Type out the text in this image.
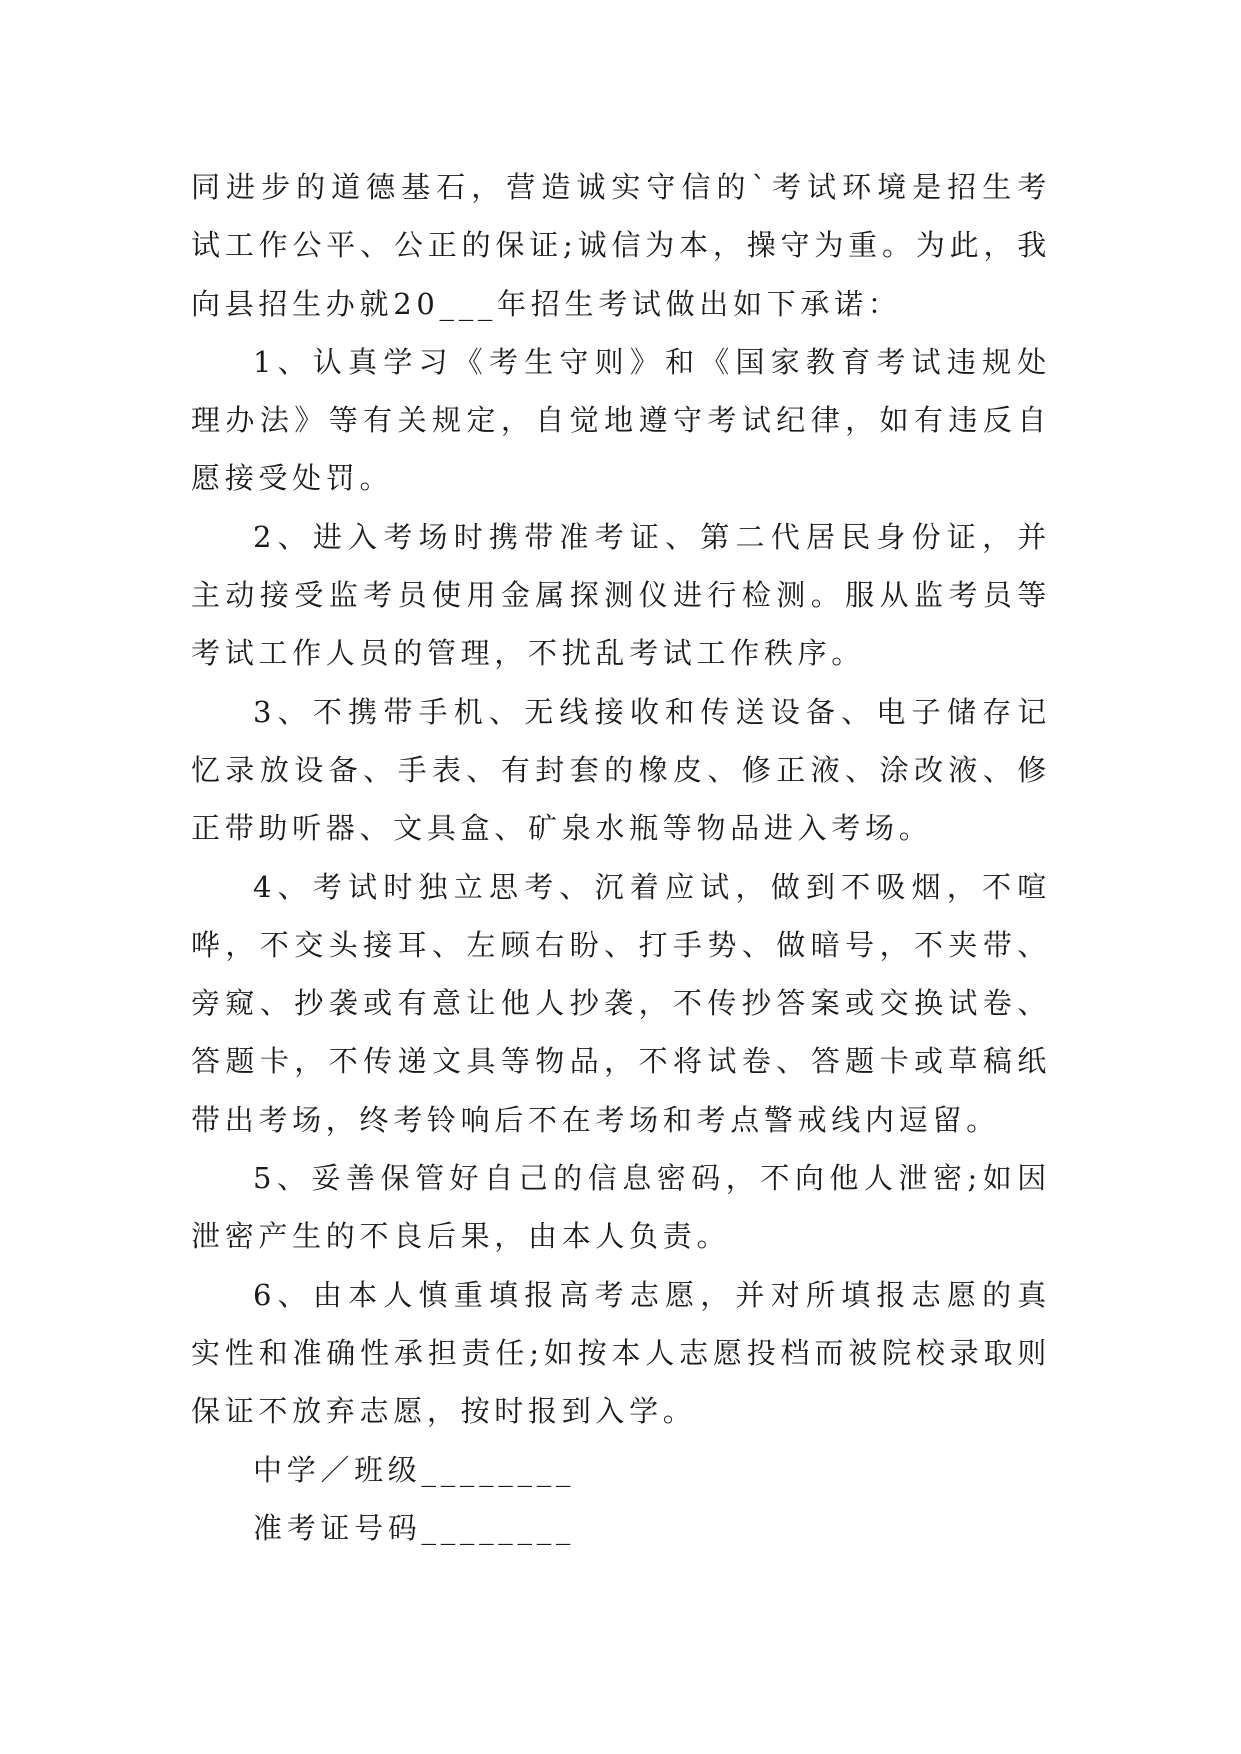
同进步的道德基石，营造诚实守信的`考试环境是招生考试工作公平、公正的保证;诚信为本，操守为重。为此，我向县招生办就20___年招生考试做出如下承诺：

1、认真学习《考生守则》和《国家教育考试违规处理办法》等有关规定，自觉地遵守考试纪律，如有违反自愿接受处罚。

2、进入考场时携带准考证、第二代居民身份证，并主动接受监考员使用金属探测仪进行检测。服从监考员等考试工作人员的管理，不扰乱考试工作秩序。

3、不携带手机、无线接收和传送设备、电子储存记忆录放设备、手表、有封套的橡皮、修正液、涂改液、修正带助听器、文具盒、矿泉水瓶等物品进入考场。

4、考试时独立思考、沉着应试，做到不吸烟，不喧哗，不交头接耳、左顾右盼、打手势、做暗号，不夹带、旁窥、抄袭或有意让他人抄袭，不传抄答案或交换试卷、答题卡，不传递文具等物品，不将试卷、答题卡或草稿纸带出考场，终考铃响后不在考场和考点警戒线内逗留。

5、妥善保管好自己的信息密码，不向他人泄密;如因泄密产生的不良后果，由本人负责。

6、由本人慎重填报高考志愿，并对所填报志愿的真实性和准确性承担责任;如按本人志愿投档而被院校录取则保证不放弃志愿，按时报到入学。

中学／班级________

准考证号码________
